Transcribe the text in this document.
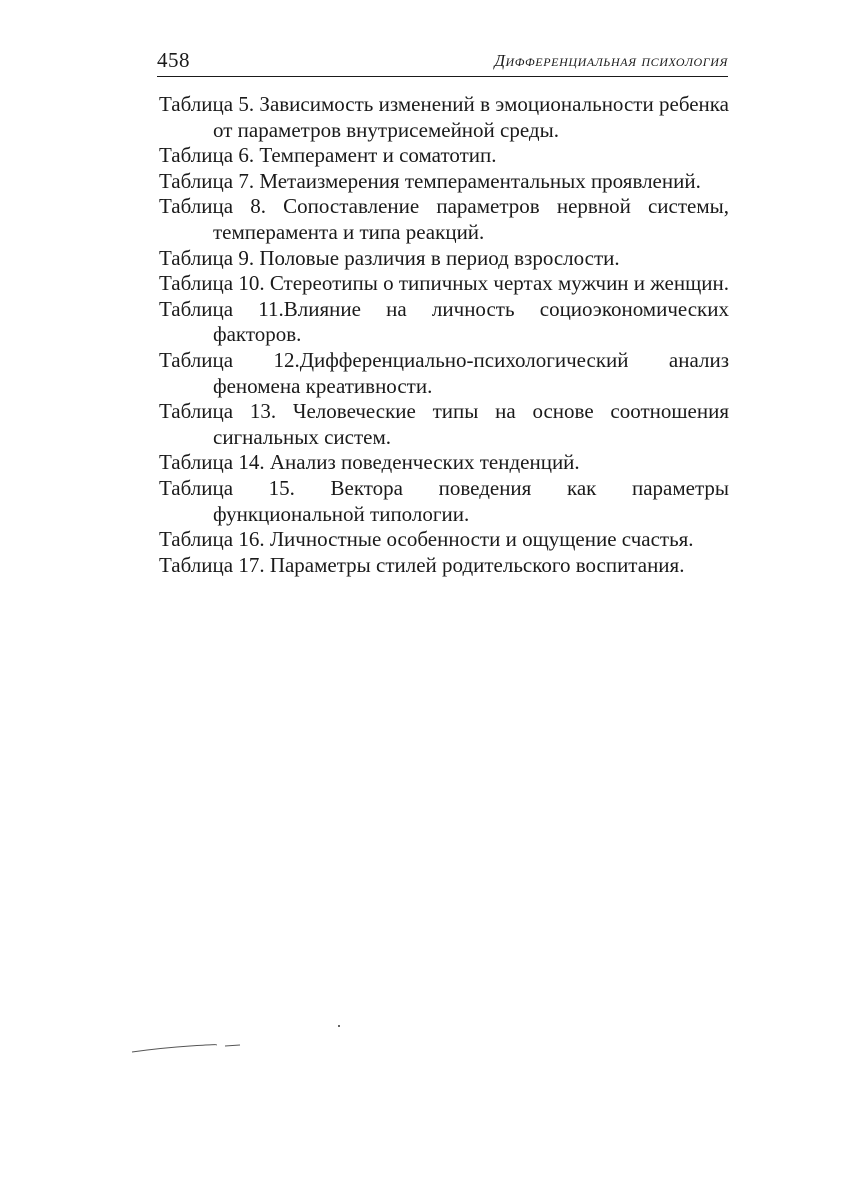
458	Дифференциальная психология
Таблица 5. Зависимость изменений в эмоциональности ребенка от параметров внутрисемейной среды.
Таблица 6. Темперамент и соматотип.
Таблица 7. Метаизмерения темпераментальных проявлений.
Таблица 8. Сопоставление параметров нервной системы, темперамента и типа реакций.
Таблица 9. Половые различия в период взрослости.
Таблица 10. Стереотипы о типичных чертах мужчин и женщин.
Таблица 11.Влияние на личность социоэкономических факторов.
Таблица 12.Дифференциально-психологический анализ феномена креативности.
Таблица 13. Человеческие типы на основе соотношения сигнальных систем.
Таблица 14. Анализ поведенческих тенденций.
Таблица 15. Вектора поведения как параметры функциональной типологии.
Таблица 16. Личностные особенности и ощущение счастья.
Таблица 17. Параметры стилей родительского воспитания.
